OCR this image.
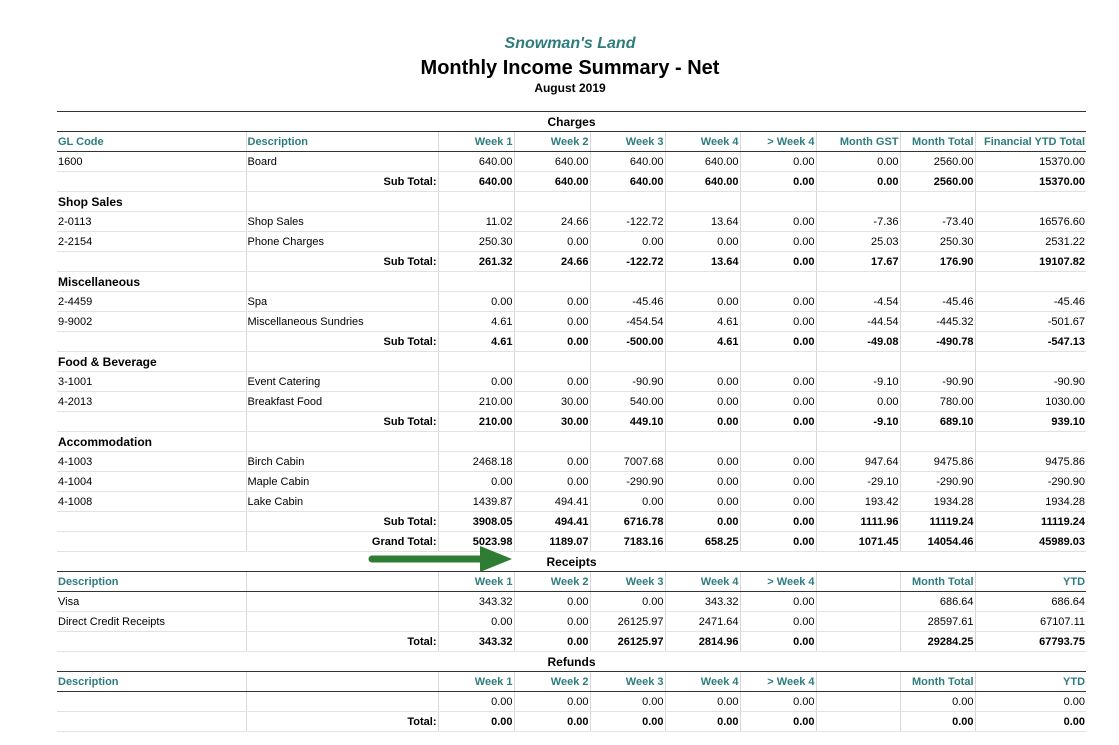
Snowman's Land
Monthly Income Summary - Net
August 2019
Charges									
GL Code	Description	Week 1	Week 2	Week 3	Week 4	> Week 4	Month GST	Month Total	Financial YTD Total
1600	Board	640.00	640.00	640.00	640.00	0.00	0.00	2560.00	15370.00
	Sub Total:	640.00	640.00	640.00	640.00	0.00	0.00	2560.00	15370.00
Shop Sales									
2-0113	Shop Sales	11.02	24.66	-122.72	13.64	0.00	-7.36	-73.40	16576.60
2-2154	Phone Charges	250.30	0.00	0.00	0.00	0.00	25.03	250.30	2531.22
	Sub Total:	261.32	24.66	-122.72	13.64	0.00	17.67	176.90	19107.82
Miscellaneous									
2-4459	Spa	0.00	0.00	-45.46	0.00	0.00	-4.54	-45.46	-45.46
9-9002	Miscellaneous Sundries	4.61	0.00	-454.54	4.61	0.00	-44.54	-445.32	-501.67
	Sub Total:	4.61	0.00	-500.00	4.61	0.00	-49.08	-490.78	-547.13
Food & Beverage									
3-1001	Event Catering	0.00	0.00	-90.90	0.00	0.00	-9.10	-90.90	-90.90
4-2013	Breakfast Food	210.00	30.00	540.00	0.00	0.00	0.00	780.00	1030.00
	Sub Total:	210.00	30.00	449.10	0.00	0.00	-9.10	689.10	939.10
Accommodation									
4-1003	Birch Cabin	2468.18	0.00	7007.68	0.00	0.00	947.64	9475.86	9475.86
4-1004	Maple Cabin	0.00	0.00	-290.90	0.00	0.00	-29.10	-290.90	-290.90
4-1008	Lake Cabin	1439.87	494.41	0.00	0.00	0.00	193.42	1934.28	1934.28
	Sub Total:	3908.05	494.41	6716.78	0.00	0.00	1111.96	11119.24	11119.24
	Grand Total:	5023.98	1189.07	7183.16	658.25	0.00	1071.45	14054.46	45989.03
Receipts									
Description		Week 1	Week 2	Week 3	Week 4	> Week 4		Month Total	YTD
Visa		343.32	0.00	0.00	343.32	0.00		686.64	686.64
Direct Credit Receipts		0.00	0.00	26125.97	2471.64	0.00		28597.61	67107.11
	Total:	343.32	0.00	26125.97	2814.96	0.00		29284.25	67793.75
Refunds									
Description		Week 1	Week 2	Week 3	Week 4	> Week 4		Month Total	YTD
		0.00	0.00	0.00	0.00	0.00		0.00	0.00
	Total:	0.00	0.00	0.00	0.00	0.00		0.00	0.00
